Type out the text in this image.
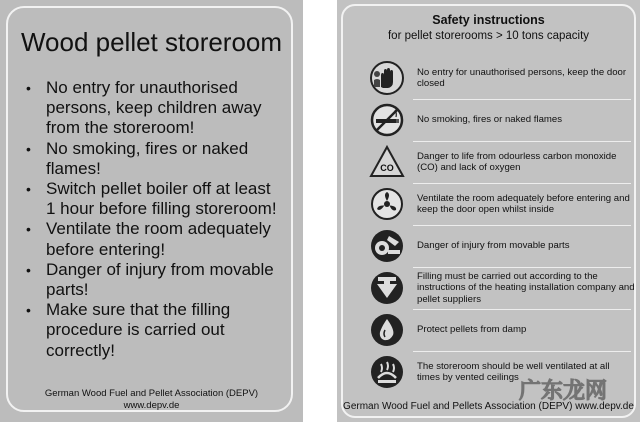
Wood pellet storeroom
• No entry for unauthorised persons, keep children away from the storeroom!
• No smoking, fires or naked flames!
• Switch pellet boiler off at least 1 hour before filling storeroom!
• Ventilate the room adequately before entering!
• Danger of injury from movable parts!
• Make sure that the filling procedure is carried out correctly!
German Wood Fuel and Pellet Association (DEPV)
www.depv.de
Safety instructions
for pellet storerooms > 10 tons capacity
No entry for unauthorised persons, keep the door closed
No smoking, fires or naked flames
CO
Danger to life from odourless carbon monoxide (CO) and lack of oxygen
Ventilate the room adequately before entering and keep the door open whilst inside
Danger of injury from movable parts
Filling must be carried out according to the instructions of the heating installation company and pellet suppliers
Protect pellets from damp
The storeroom should be well ventilated at all times by vented ceilings
German Wood Fuel and Pellets Association (DEPV) www.depv.de
广东龙网
